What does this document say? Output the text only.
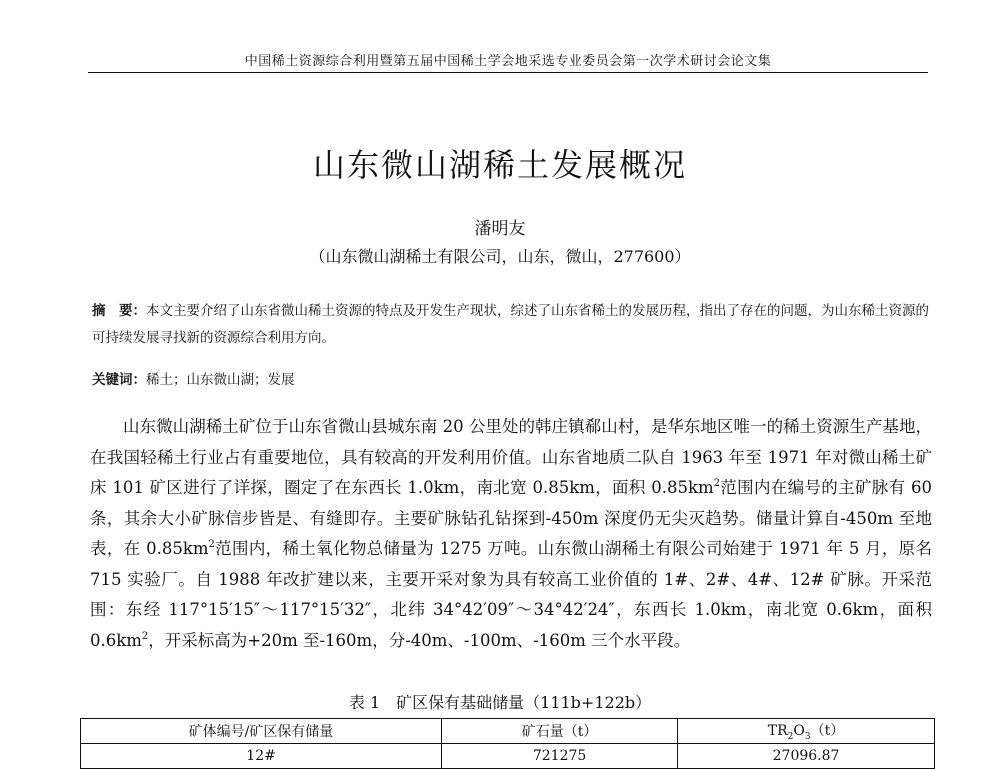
中国稀土资源综合利用暨第五届中国稀土学会地采选专业委员会第一次学术研讨会论文集
山东微山湖稀土发展概况
潘明友
（山东微山湖稀土有限公司，山东，微山，277600）
摘　要：本文主要介绍了山东省微山稀土资源的特点及开发生产现状，综述了山东省稀土的发展历程，指出了存在的问题，为山东稀土资源的可持续发展寻找新的资源综合利用方向。
关键词：稀土；山东微山湖；发展
山东微山湖稀土矿位于山东省微山县城东南 20 公里处的韩庄镇郗山村，是华东地区唯一的稀土资源生产基地，在我国轻稀土行业占有重要地位，具有较高的开发利用价值。山东省地质二队自 1963 年至 1971 年对微山稀土矿床 101 矿区进行了详探，圈定了在东西长 1.0km，南北宽 0.85km，面积 $0.85km^2$范围内在编号的主矿脉有 60 条，其余大小矿脉信步皆是、有缝即存。主要矿脉钻孔钻探到-450m 深度仍无尖灭趋势。储量计算自-450m 至地表，在 $0.85km^2$范围内，稀土氧化物总储量为 1275 万吨。山东微山湖稀土有限公司始建于 1971 年 5 月，原名 715 实验厂。自 1988 年改扩建以来，主要开采对象为具有较高工业价值的 1#、2#、4#、12# 矿脉。开采范围：东经 117°15′15″～117°15′32″，北纬 34°42′09″～34°42′24″，东西长 1.0km，南北宽 0.6km，面积 $0.6km^2$，开采标高为+20m 至-160m，分-40m、-100m、-160m 三个水平段。
表 1　矿区保有基础储量（111b+122b）
矿体编号/矿区保有储量	矿石量（t）	$TR_2O_3(t)$
12#	721275	27096.87
